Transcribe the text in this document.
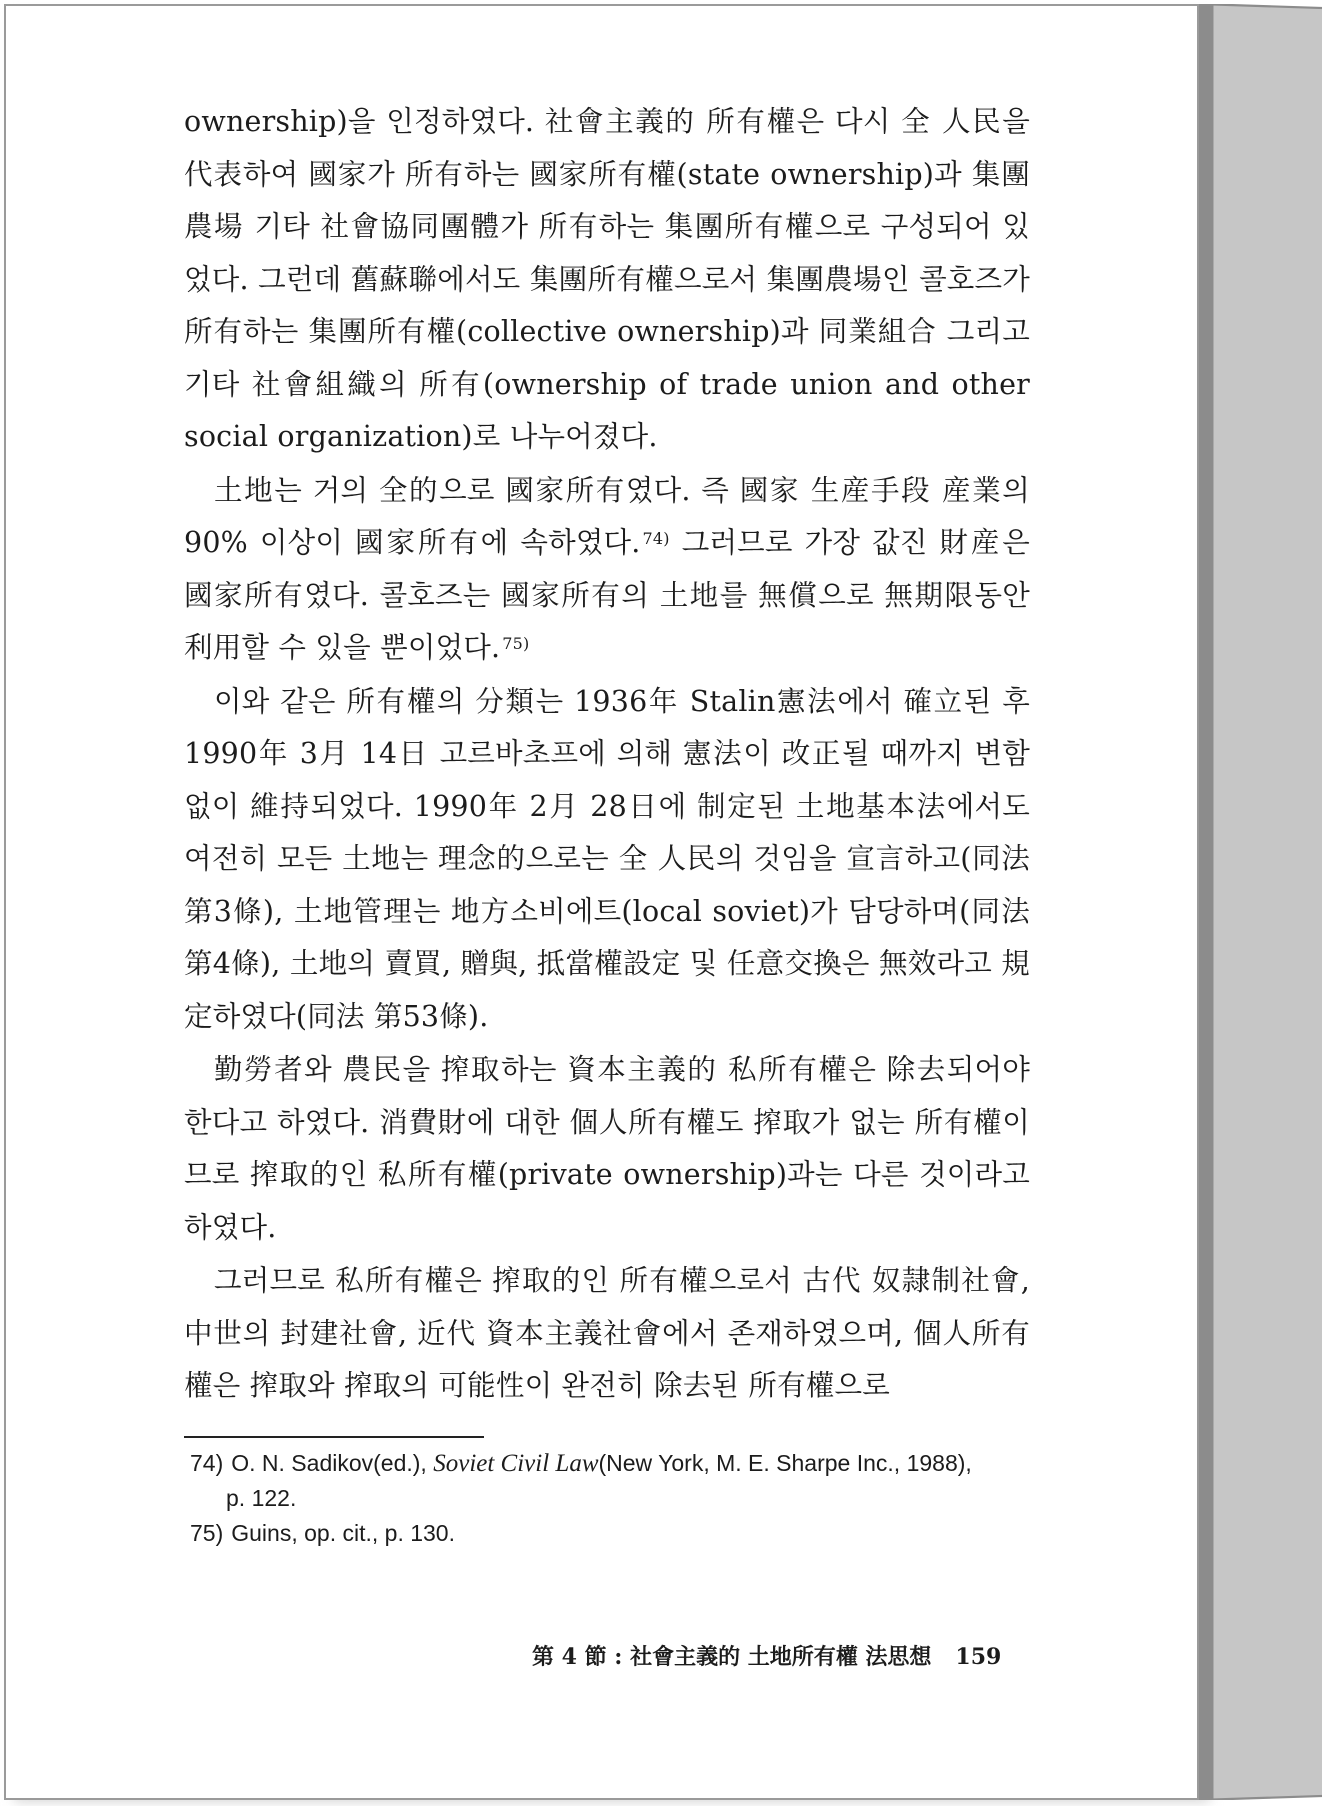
ownership)을 인정하였다. 社會主義的 所有權은 다시 全 人民을 代表하여 國家가 所有하는 國家所有權(state ownership)과 集團農場 기타 社會協同團體가 所有하는 集團所有權으로 구성되어 있었다. 그런데 舊蘇聯에서도 集團所有權으로서 集團農場인 콜호즈가 所有하는 集團所有權(collective ownership)과 同業組合 그리고 기타 社會組織의 所有(ownership of trade union and other social organization)로 나누어졌다.

土地는 거의 全的으로 國家所有였다. 즉 國家 生産手段 産業의 90% 이상이 國家所有에 속하였다. $^{74)}$ 그러므로 가장 값진 財産은 國家所有였다. 콜호즈는 國家所有의 土地를 無償으로 無期限동안 利用할 수 있을 뿐이었다. $^{75)}$

이와 같은 所有權의 分類는 1936年 Stalin憲法에서 確立된 후 1990年 3月 14日 고르바초프에 의해 憲法이 改正될 때까지 변함없이 維持되었다. 1990年 2月 28日에 制定된 土地基本法에서도 여전히 모든 土地는 理念的으로는 全 人民의 것임을 宣言하고(同法 第3條), 土地管理는 地方소비에트(local soviet)가 담당하며(同法 第4條), 土地의 賣買, 贈與, 抵當權設定 및 任意交換은 無效라고 規定하였다(同法 第53條).

勤勞者와 農民을 搾取하는 資本主義的 私所有權은 除去되어야 한다고 하였다. 消費財에 대한 個人所有權도 搾取가 없는 所有權이므로 搾取的인 私所有權(private ownership)과는 다른 것이라고 하였다.

그러므로 私所有權은 搾取的인 所有權으로서 古代 奴隷制社會, 中世의 封建社會, 近代 資本主義社會에서 존재하였으며, 個人所有權은 搾取와 搾取의 可能性이 완전히 除去된 所有權으로

74) O. N. Sadikov(ed.), Soviet Civil Law(New York, M. E. Sharpe Inc., 1988),
p. 122.

75) Guins, op. cit., p. 130.

第 4 節 : 社會主義的 土地所有權 法思想 159
